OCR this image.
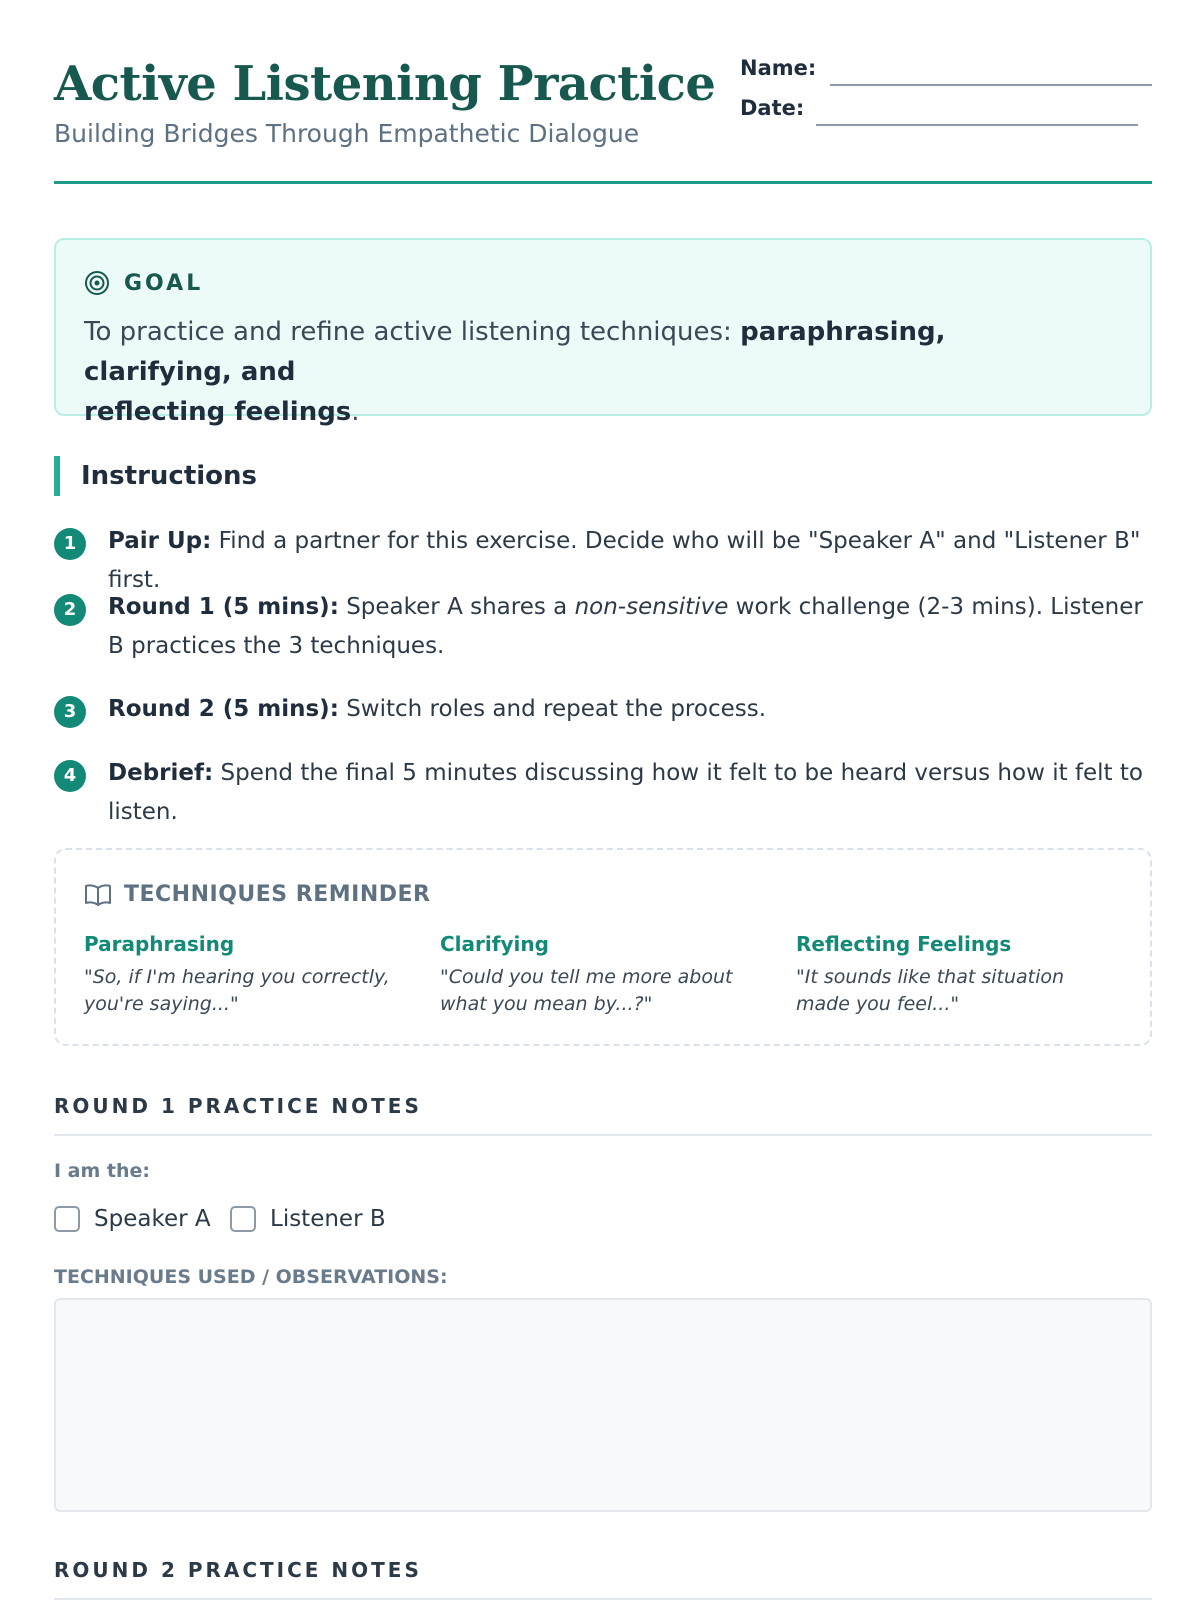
Active Listening Practice
Building Bridges Through Empathetic Dialogue
Name:
Date:
GOAL
To practice and refine active listening techniques: paraphrasing, clarifying, and
reflecting feelings.
Instructions
1	Pair Up: Find a partner for this exercise. Decide who will be "Speaker A" and "Listener B" first.
2	Round 1 (5 mins): Speaker A shares a non-sensitive work challenge (2-3 mins). Listener B practices the 3 techniques.
3	Round 2 (5 mins): Switch roles and repeat the process.
4	Debrief: Spend the final 5 minutes discussing how it felt to be heard versus how it felt to listen.
TECHNIQUES REMINDER
Paraphrasing
"So, if I'm hearing you correctly, you're saying..."
Clarifying
"Could you tell me more about what you mean by...?"
Reflecting Feelings
"It sounds like that situation made you feel..."
ROUND 1 PRACTICE NOTES
I am the:
Speaker A	Listener B
TECHNIQUES USED / OBSERVATIONS:
ROUND 2 PRACTICE NOTES
